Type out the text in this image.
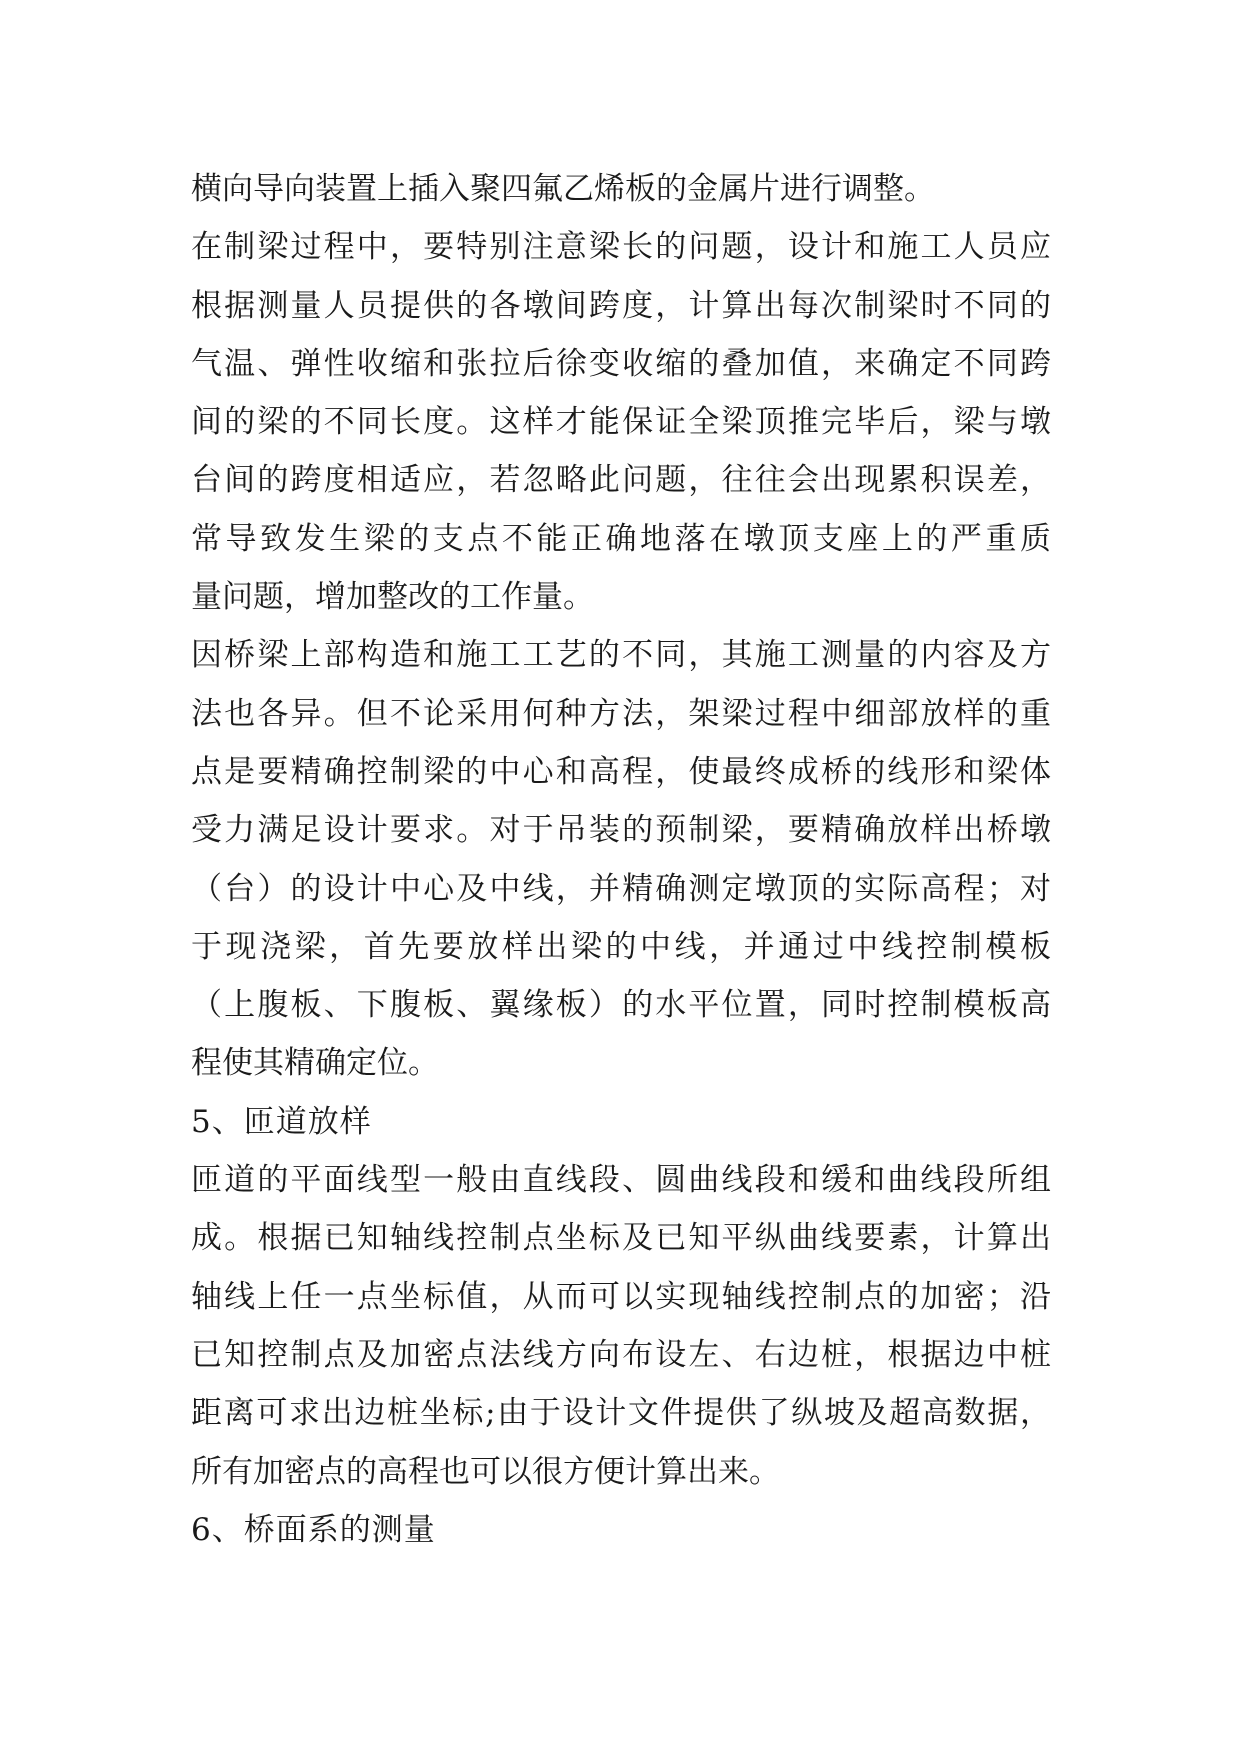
横向导向装置上插入聚四氟乙烯板的金属片进行调整。
在制梁过程中，要特别注意梁长的问题，设计和施工人员应
根据测量人员提供的各墩间跨度，计算出每次制梁时不同的
气温、弹性收缩和张拉后徐变收缩的叠加值，来确定不同跨
间的梁的不同长度。这样才能保证全梁顶推完毕后，梁与墩
台间的跨度相适应，若忽略此问题，往往会出现累积误差，
常导致发生梁的支点不能正确地落在墩顶支座上的严重质
量问题，增加整改的工作量。
因桥梁上部构造和施工工艺的不同，其施工测量的内容及方
法也各异。但不论采用何种方法，架梁过程中细部放样的重
点是要精确控制梁的中心和高程，使最终成桥的线形和梁体
受力满足设计要求。对于吊装的预制梁，要精确放样出桥墩
（台）的设计中心及中线，并精确测定墩顶的实际高程；对
于现浇梁，首先要放样出梁的中线，并通过中线控制模板
（上腹板、下腹板、翼缘板）的水平位置，同时控制模板高
程使其精确定位。
5、匝道放样
匝道的平面线型一般由直线段、圆曲线段和缓和曲线段所组
成。根据已知轴线控制点坐标及已知平纵曲线要素，计算出
轴线上任一点坐标值，从而可以实现轴线控制点的加密；沿
已知控制点及加密点法线方向布设左、右边桩，根据边中桩
距离可求出边桩坐标;由于设计文件提供了纵坡及超高数据，
所有加密点的高程也可以很方便计算出来。
6、桥面系的测量
